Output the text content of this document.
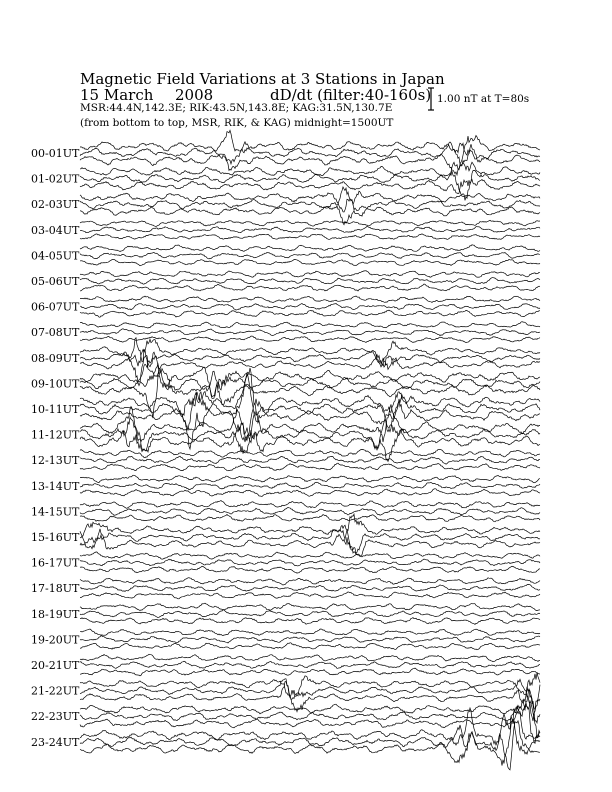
Magnetic Field Variations at 3 Stations in Japan
15 March 2008	dD/dt (filter:40-160s)
MSR:44.4N,142.3E; RIK:43.5N,143.8E; KAG:31.5N,130.7E
(from bottom to top, MSR, RIK, & KAG) midnight=1500UT
1.00 nT at T=80s
00-01UT
01-02UT
02-03UT
03-04UT
04-05UT
05-06UT
06-07UT
07-08UT
08-09UT
09-10UT
10-11UT
11-12UT
12-13UT
13-14UT
14-15UT
15-16UT
16-17UT
17-18UT
18-19UT
19-20UT
20-21UT
21-22UT
22-23UT
23-24UT
